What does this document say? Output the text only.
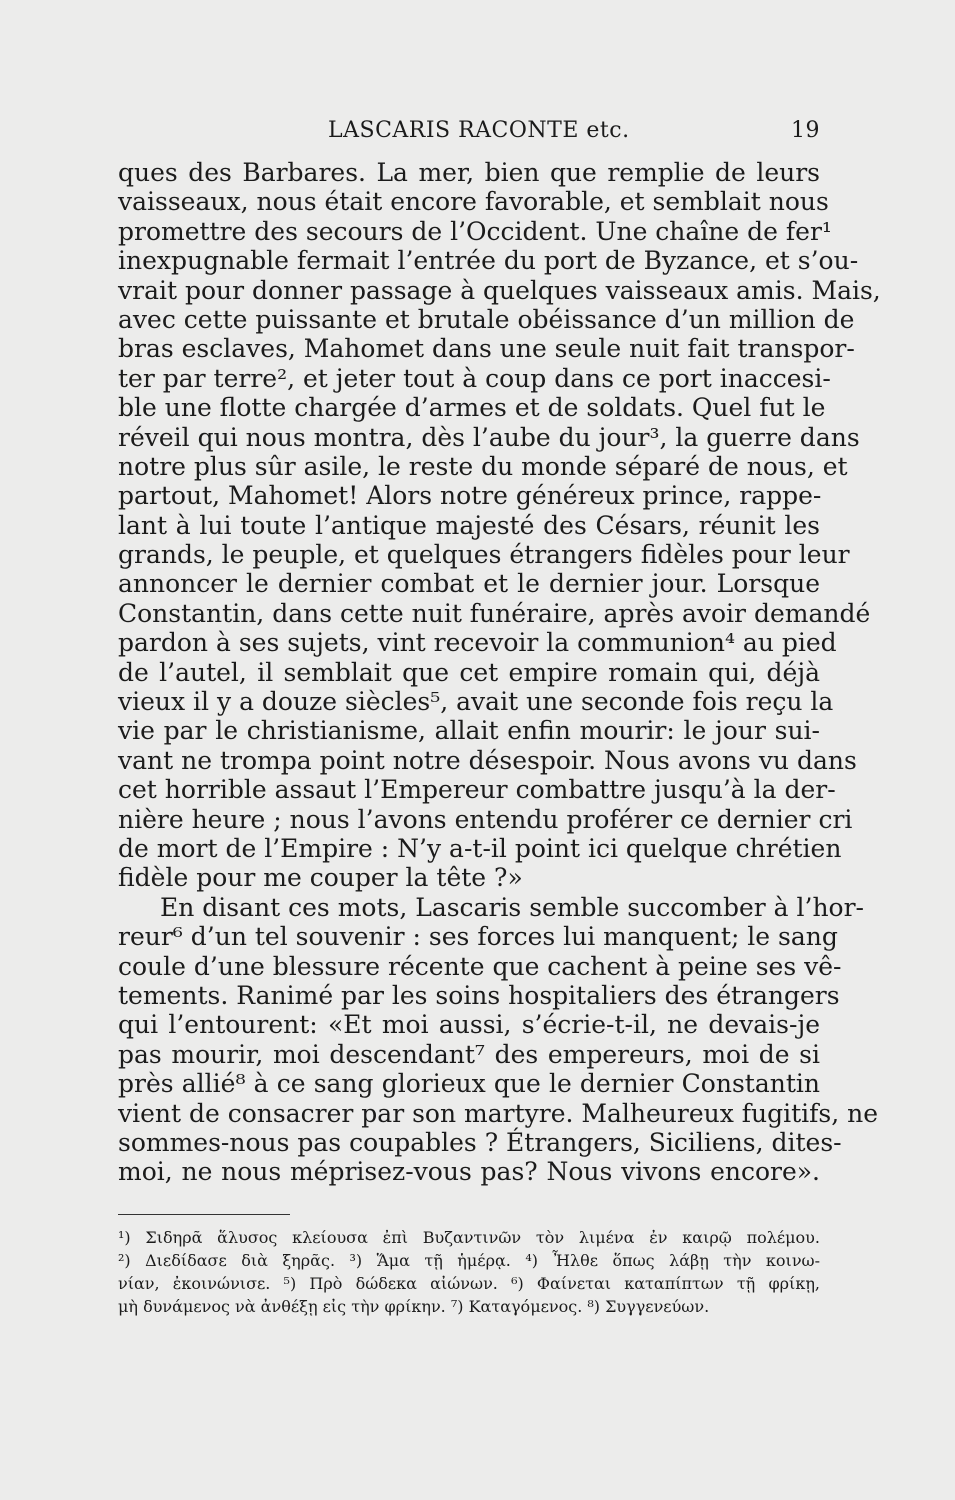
LASCARIS RACONTE etc.	19
ques des Barbares. La mer, bien que remplie de leurs
vaisseaux, nous était encore favorable, et semblait nous
promettre des secours de l’Occident. Une chaîne de fer¹
inexpugnable fermait l’entrée du port de Byzance, et s’ou-
vrait pour donner passage à quelques vaisseaux amis. Mais,
avec cette puissante et brutale obéissance d’un million de
bras esclaves, Mahomet dans une seule nuit fait transpor-
ter par terre², et jeter tout à coup dans ce port inaccesi-
ble une flotte chargée d’armes et de soldats. Quel fut le
réveil qui nous montra, dès l’aube du jour³, la guerre dans
notre plus sûr asile, le reste du monde séparé de nous, et
partout, Mahomet! Alors notre généreux prince, rappe-
lant à lui toute l’antique majesté des Césars, réunit les
grands, le peuple, et quelques étrangers fidèles pour leur
annoncer le dernier combat et le dernier jour. Lorsque
Constantin, dans cette nuit funéraire, après avoir demandé
pardon à ses sujets, vint recevoir la communion⁴ au pied
de l’autel, il semblait que cet empire romain qui, déjà
vieux il y a douze siècles⁵, avait une seconde fois reçu la
vie par le christianisme, allait enfin mourir: le jour sui-
vant ne trompa point notre désespoir. Nous avons vu dans
cet horrible assaut l’Empereur combattre jusqu’à la der-
nière heure ; nous l’avons entendu proférer ce dernier cri
de mort de l’Empire : N’y a-t-il point ici quelque chrétien
fidèle pour me couper la tête ?»
En disant ces mots, Lascaris semble succomber à l’hor-
reur⁶ d’un tel souvenir : ses forces lui manquent; le sang
coule d’une blessure récente que cachent à peine ses vê-
tements. Ranimé par les soins hospitaliers des étrangers
qui l’entourent: «Et moi aussi, s’écrie-t-il, ne devais-je
pas mourir, moi descendant⁷ des empereurs, moi de si
près allié⁸ à ce sang glorieux que le dernier Constantin
vient de consacrer par son martyre. Malheureux fugitifs, ne
sommes-nous pas coupables ? Étrangers, Siciliens, dites-
moi, ne nous méprisez-vous pas? Nous vivons encore».
¹) Σιδηρᾶ ἅλυσος κλείουσα ἐπὶ Βυζαντινῶν τὸν λιμένα ἐν καιρῷ πολέμου.
²) Διεδίδασε διὰ ξηρᾶς. ³) Ἅμα τῇ ἡμέρᾳ. ⁴) Ἦλθε ὅπως λάβῃ τὴν κοινω-
νίαν, ἐκοινώνισε. ⁵) Πρὸ δώδεκα αἰώνων. ⁶) Φαίνεται καταπίπτων τῇ φρίκῃ,
μὴ δυνάμενος νὰ ἀνθέξῃ εἰς τὴν φρίκην. ⁷) Καταγόμενος. ⁸) Συγγενεύων.
